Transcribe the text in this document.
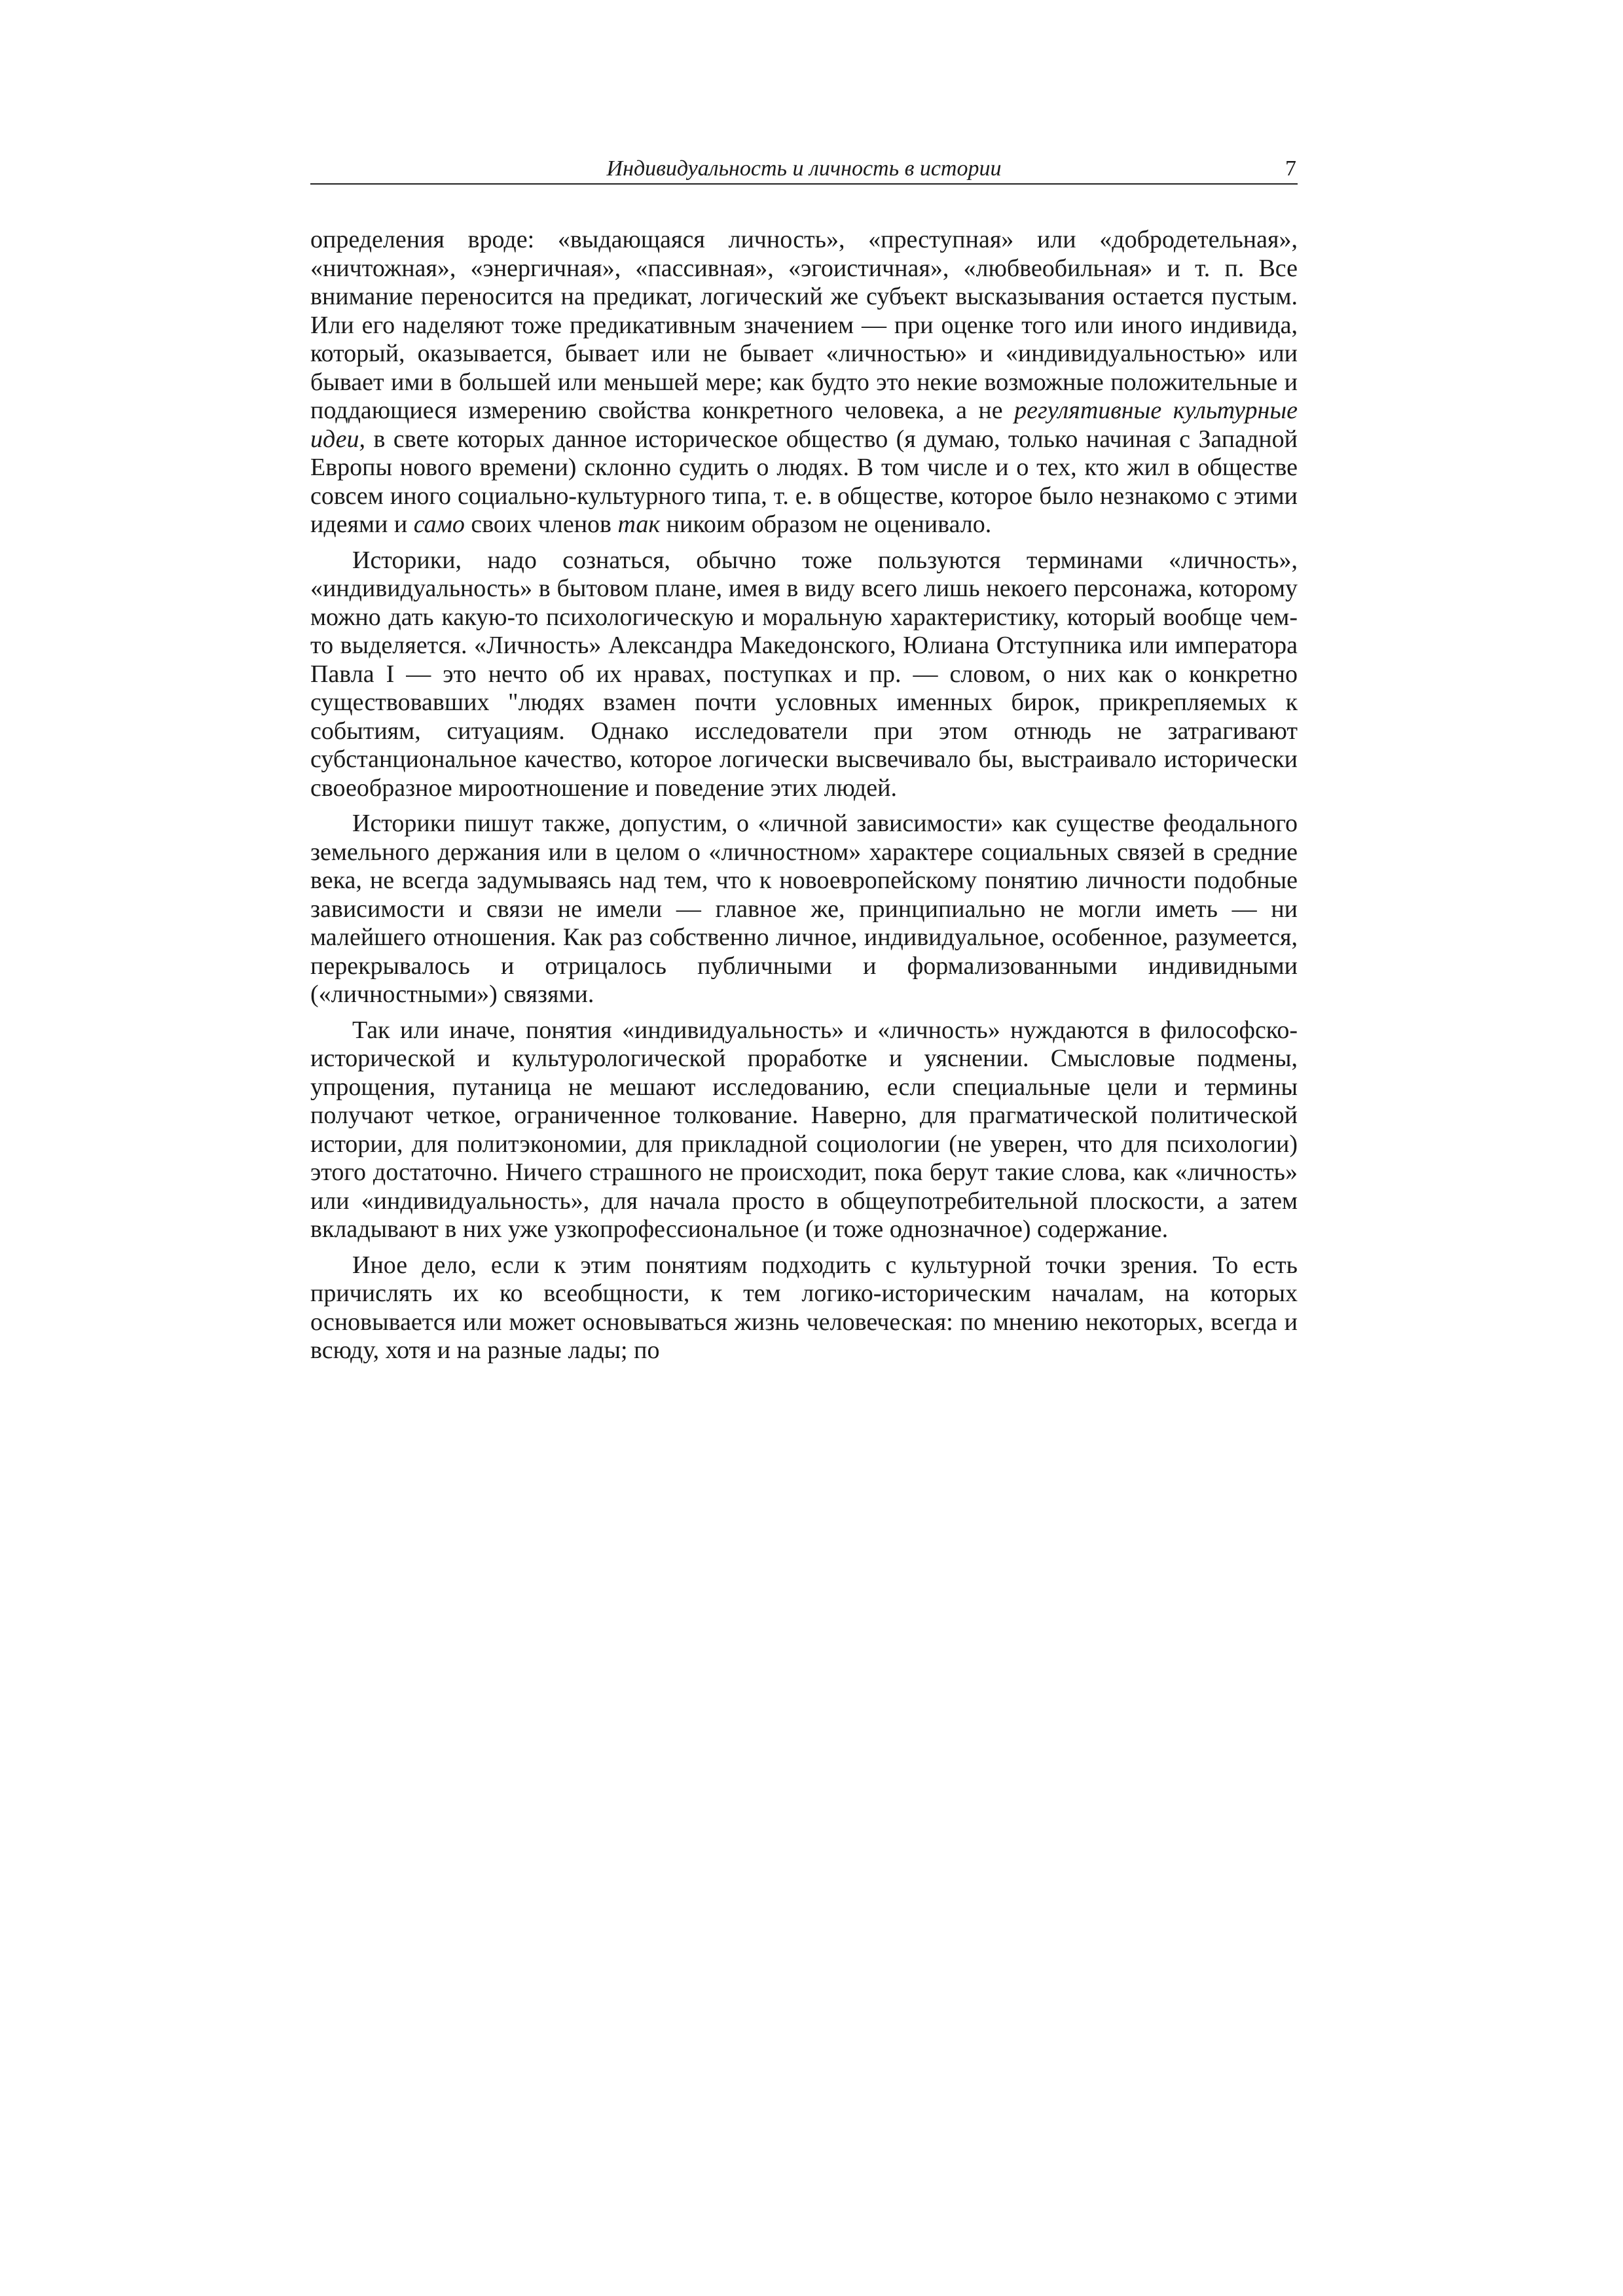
Индивидуальность и личность в истории	7

определения вроде: «выдающаяся личность», «преступная» или «добродетельная», «ничтожная», «энергичная», «пассивная», «эгоистичная», «любвеобильная» и т. п. Все внимание переносится на предикат, логический же субъект высказывания остается пустым. Или его наделяют тоже предикативным значением — при оценке того или иного индивида, который, оказывается, бывает или не бывает «личностью» и «индивидуальностью» или бывает ими в большей или меньшей мере; как будто это некие возможные положительные и поддающиеся измерению свойства конкретного человека, а не регулятивные культурные идеи, в свете которых данное историческое общество (я думаю, только начиная с Западной Европы нового времени) склонно судить о людях. В том числе и о тех, кто жил в обществе совсем иного социально-культурного типа, т. е. в обществе, которое было незнакомо с этими идеями и само своих членов так никоим образом не оценивало.

Историки, надо сознаться, обычно тоже пользуются терминами «личность», «индивидуальность» в бытовом плане, имея в виду всего лишь некоего персонажа, которому можно дать какую-то психологическую и моральную характеристику, который вообще чем-то выделяется. «Личность» Александра Македонского, Юлиана Отступника или императора Павла I — это нечто об их нравах, поступках и пр. — словом, о них как о конкретно существовавших "людях взамен почти условных именных бирок, прикрепляемых к событиям, ситуациям. Однако исследователи при этом отнюдь не затрагивают субстанциональное качество, которое логически высвечивало бы, выстраивало исторически своеобразное мироотношение и поведение этих людей.

Историки пишут также, допустим, о «личной зависимости» как существе феодального земельного держания или в целом о «личностном» характере социальных связей в средние века, не всегда задумываясь над тем, что к новоевропейскому понятию личности подобные зависимости и связи не имели — главное же, принципиально не могли иметь — ни малейшего отношения. Как раз собственно личное, индивидуальное, особенное, разумеется, перекрывалось и отрицалось публичными и формализованными индивидными («личностными») связями.

Так или иначе, понятия «индивидуальность» и «личность» нуждаются в философско-исторической и культурологической проработке и уяснении. Смысловые подмены, упрощения, путаница не мешают исследованию, если специальные цели и термины получают четкое, ограниченное толкование. Наверно, для прагматической политической истории, для политэкономии, для прикладной социологии (не уверен, что для психологии) этого достаточно. Ничего страшного не происходит, пока берут такие слова, как «личность» или «индивидуальность», для начала просто в общеупотребительной плоскости, а затем вкладывают в них уже узкопрофессиональное (и тоже однозначное) содержание.

Иное дело, если к этим понятиям подходить с культурной точки зрения. То есть причислять их ко всеобщности, к тем логико-историческим началам, на которых основывается или может основываться жизнь человеческая: по мнению некоторых, всегда и всюду, хотя и на разные лады; по
